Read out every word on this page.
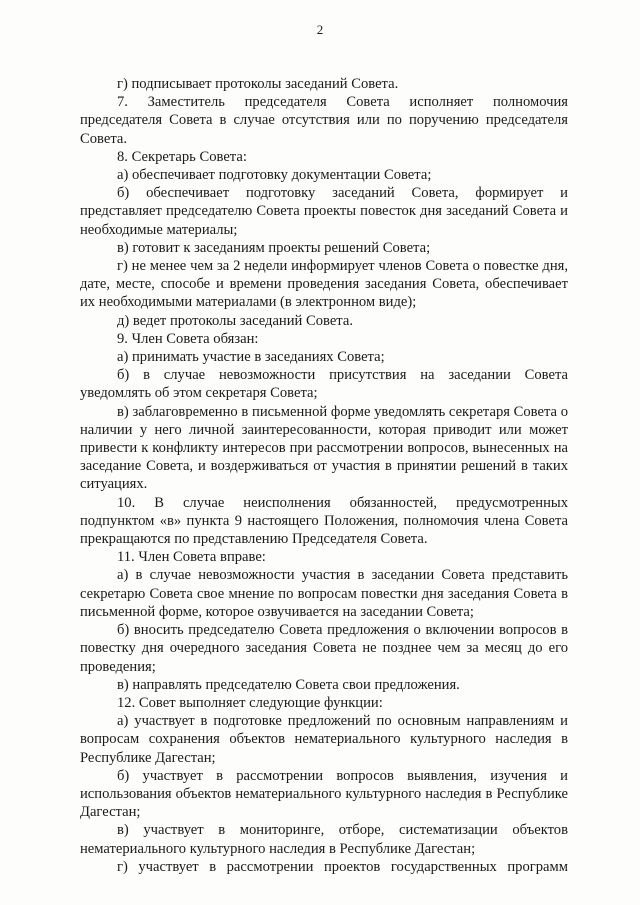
2

г) подписывает протоколы заседаний Совета.

7. Заместитель председателя Совета исполняет полномочия председателя Совета в случае отсутствия или по поручению председателя Совета.

8. Секретарь Совета:

а) обеспечивает подготовку документации Совета;

б) обеспечивает подготовку заседаний Совета, формирует и представляет председателю Совета проекты повесток дня заседаний Совета и необходимые материалы;

в) готовит к заседаниям проекты решений Совета;

г) не менее чем за 2 недели информирует членов Совета о повестке дня, дате, месте, способе и времени проведения заседания Совета, обеспечивает их необходимыми материалами (в электронном виде);

д) ведет протоколы заседаний Совета.

9. Член Совета обязан:

а) принимать участие в заседаниях Совета;

б) в случае невозможности присутствия на заседании Совета уведомлять об этом секретаря Совета;

в) заблаговременно в письменной форме уведомлять секретаря Совета о наличии у него личной заинтересованности, которая приводит или может привести к конфликту интересов при рассмотрении вопросов, вынесенных на заседание Совета, и воздерживаться от участия в принятии решений в таких ситуациях.

10. В случае неисполнения обязанностей, предусмотренных подпунктом «в» пункта 9 настоящего Положения, полномочия члена Совета прекращаются по представлению Председателя Совета.

11. Член Совета вправе:

а) в случае невозможности участия в заседании Совета представить секретарю Совета свое мнение по вопросам повестки дня заседания Совета в письменной форме, которое озвучивается на заседании Совета;

б) вносить председателю Совета предложения о включении вопросов в повестку дня очередного заседания Совета не позднее чем за месяц до его проведения;

в) направлять председателю Совета свои предложения.

12. Совет выполняет следующие функции:

а) участвует в подготовке предложений по основным направлениям и вопросам сохранения объектов нематериального культурного наследия в Республике Дагестан;

б) участвует в рассмотрении вопросов выявления, изучения и использования объектов нематериального культурного наследия в Республике Дагестан;

в) участвует в мониторинге, отборе, систематизации объектов нематериального культурного наследия в Республике Дагестан;

г) участвует в рассмотрении проектов государственных программ
